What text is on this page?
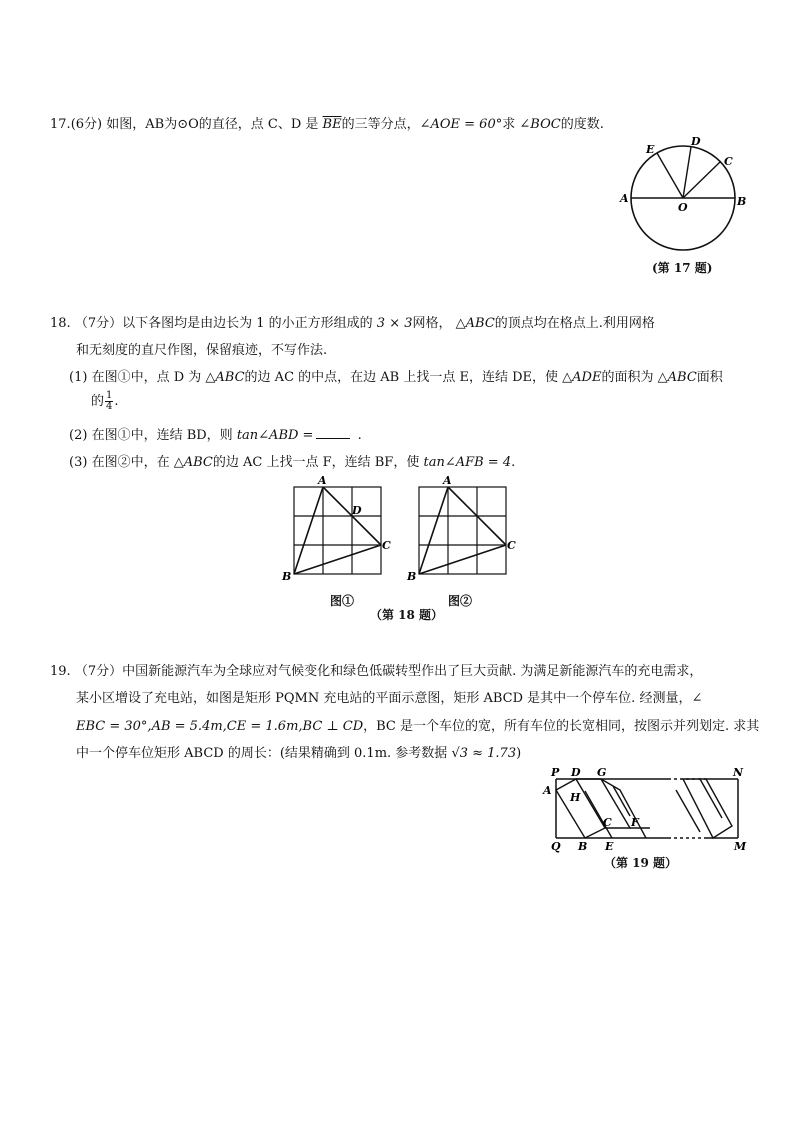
17.(6分) 如图，AB为⊙O的直径，点 C、D 是 $\overline{BE}$的三等分点，∠AOE = 60°求 ∠BOC的度数.
A	B
C
D
E
O
(第 17 题)
18. （7分）以下各图均是由边长为 1 的小正方形组成的 3 × 3网格， △ABC的顶点均在格点上.利用网格
和无刻度的直尺作图，保留痕迹，不写作法.
(1) 在图①中，点 D 为 △ABC的边 AC 的中点，在边 AB 上找一点 E，连结 DE，使 △ADE的面积为 △ABC面积
的 $\frac{1}{4}$ .
(2) 在图①中，连结 BD，则 tan∠ABD =	.
(3) 在图②中，在 △ABC的边 AC 上找一点 F，连结 BF，使 tan∠AFB = 4.
A
B
C
D
A
B
C
图①	图②
（第 18 题）
19. （7分）中国新能源汽车为全球应对气候变化和绿色低碳转型作出了巨大贡献. 为满足新能源汽车的充电需求，
某小区增设了充电站，如图是矩形 PQMN 充电站的平面示意图，矩形 ABCD 是其中一个停车位. 经测量，∠
EBC = 30°,AB = 5.4m,CE = 1.6m,BC ⊥ CD，BC 是一个车位的宽，所有车位的长宽相同，按图示并列划定. 求其
中一个停车位矩形 ABCD 的周长：(结果精确到 0.1m. 参考数据 √3 ≈ 1.73)
P D G	N
A
H
C F
Q B E	M
（第 19 题）
